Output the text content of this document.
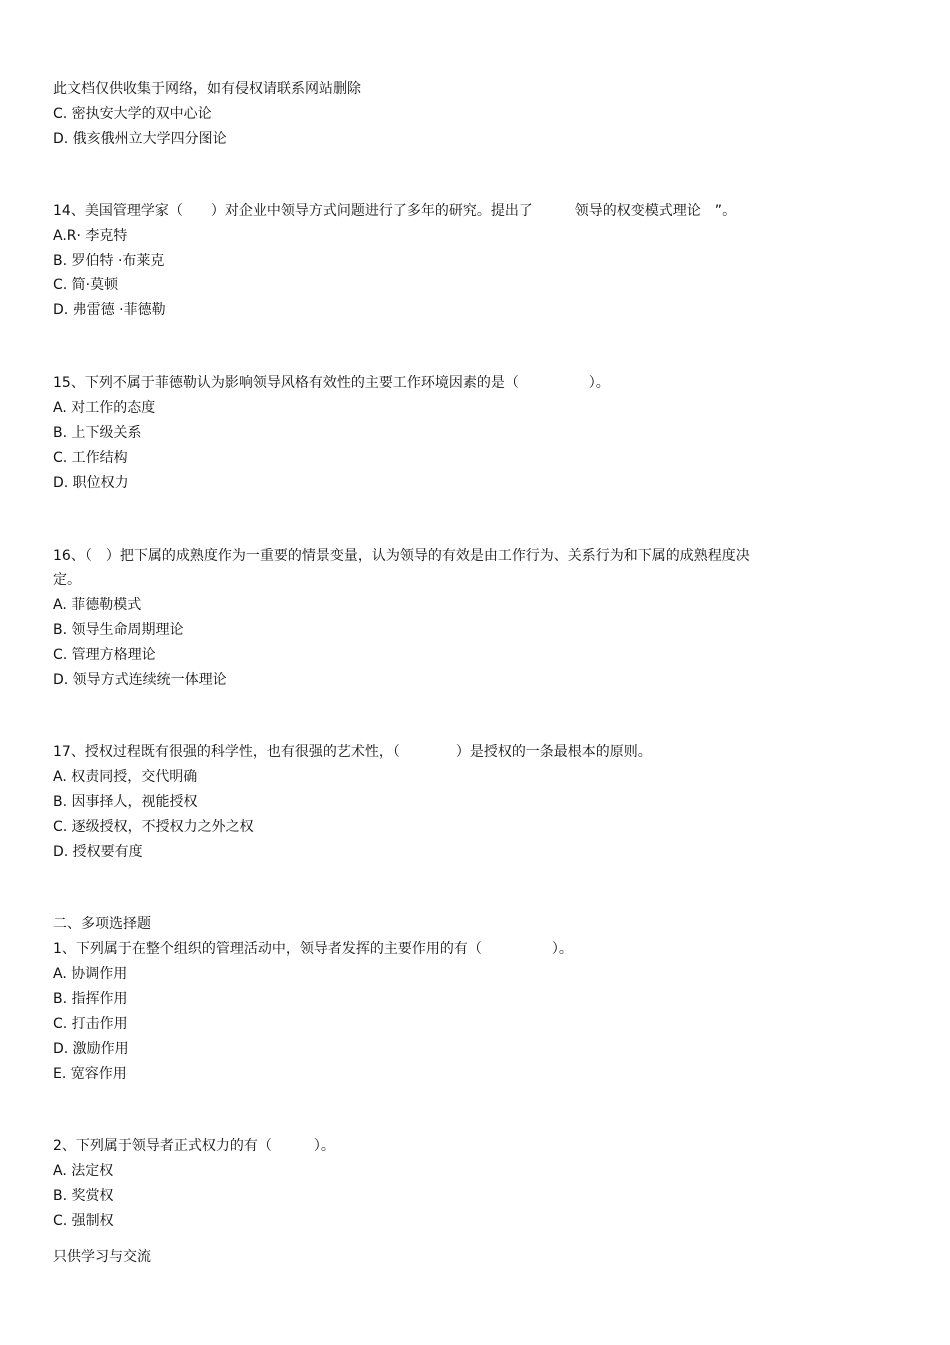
此文档仅供收集于网络，如有侵权请联系网站删除
C. 密执安大学的双中心论
D. 俄亥俄州立大学四分图论
14、美国管理学家（　　）对企业中领导方式问题进行了多年的研究。提出了　　　领导的权变模式理论　”。
A.R· 李克特
B. 罗伯特 ·布莱克
C. 简·莫顿
D. 弗雷德 ·菲德勒
15、下列不属于菲德勒认为影响领导风格有效性的主要工作环境因素的是（　　　　　）。
A. 对工作的态度
B. 上下级关系
C. 工作结构
D. 职位权力
16、（　）把下属的成熟度作为一重要的情景变量，认为领导的有效是由工作行为、关系行为和下属的成熟程度决
定。
A. 菲德勒模式
B. 领导生命周期理论
C. 管理方格理论
D. 领导方式连续统一体理论
17、授权过程既有很强的科学性，也有很强的艺术性，（　　　　）是授权的一条最根本的原则。
A. 权责同授，交代明确
B. 因事择人，视能授权
C. 逐级授权，不授权力之外之权
D. 授权要有度
二、多项选择题
1、下列属于在整个组织的管理活动中，领导者发挥的主要作用的有（　　　　　）。
A. 协调作用
B. 指挥作用
C. 打击作用
D. 激励作用
E. 宽容作用
2、下列属于领导者正式权力的有（　　　）。
A. 法定权
B. 奖赏权
C. 强制权
只供学习与交流
